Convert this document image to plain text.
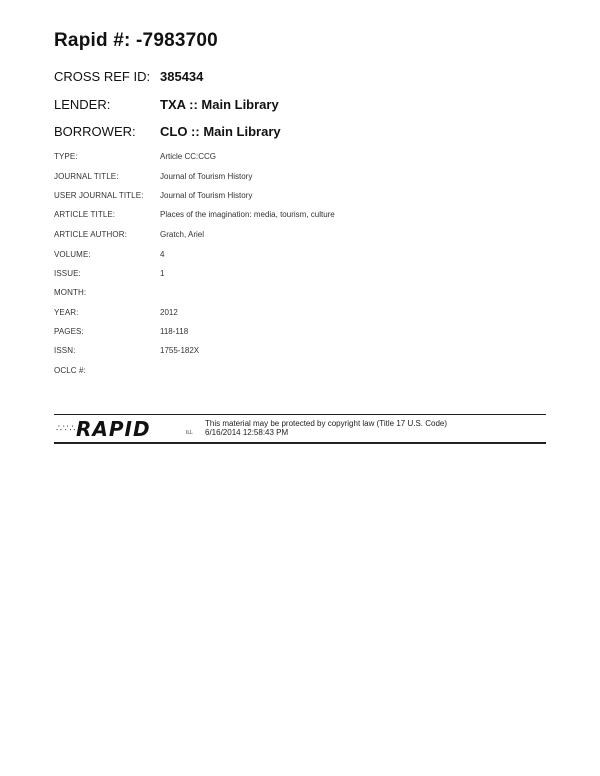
Rapid #: -7983700
CROSS REF ID: 385434
LENDER:	TXA :: Main Library
BORROWER: CLO :: Main Library
TYPE:	Article CC:CCG
JOURNAL TITLE:	Journal of Tourism History
USER JOURNAL TITLE: Journal of Tourism History
ARTICLE TITLE:	Places of the imagination: media, tourism, culture
ARTICLE AUTHOR:	Gratch, Ariel
VOLUME:	4
ISSUE:	1
MONTH:
YEAR:	2012
PAGES:	118-118
ISSN:	1755-182X
OCLC #:
∴∵∴ RAPID	ILL
This material may be protected by copyright law (Title 17 U.S. Code)
6/16/2014 12:58:43 PM
